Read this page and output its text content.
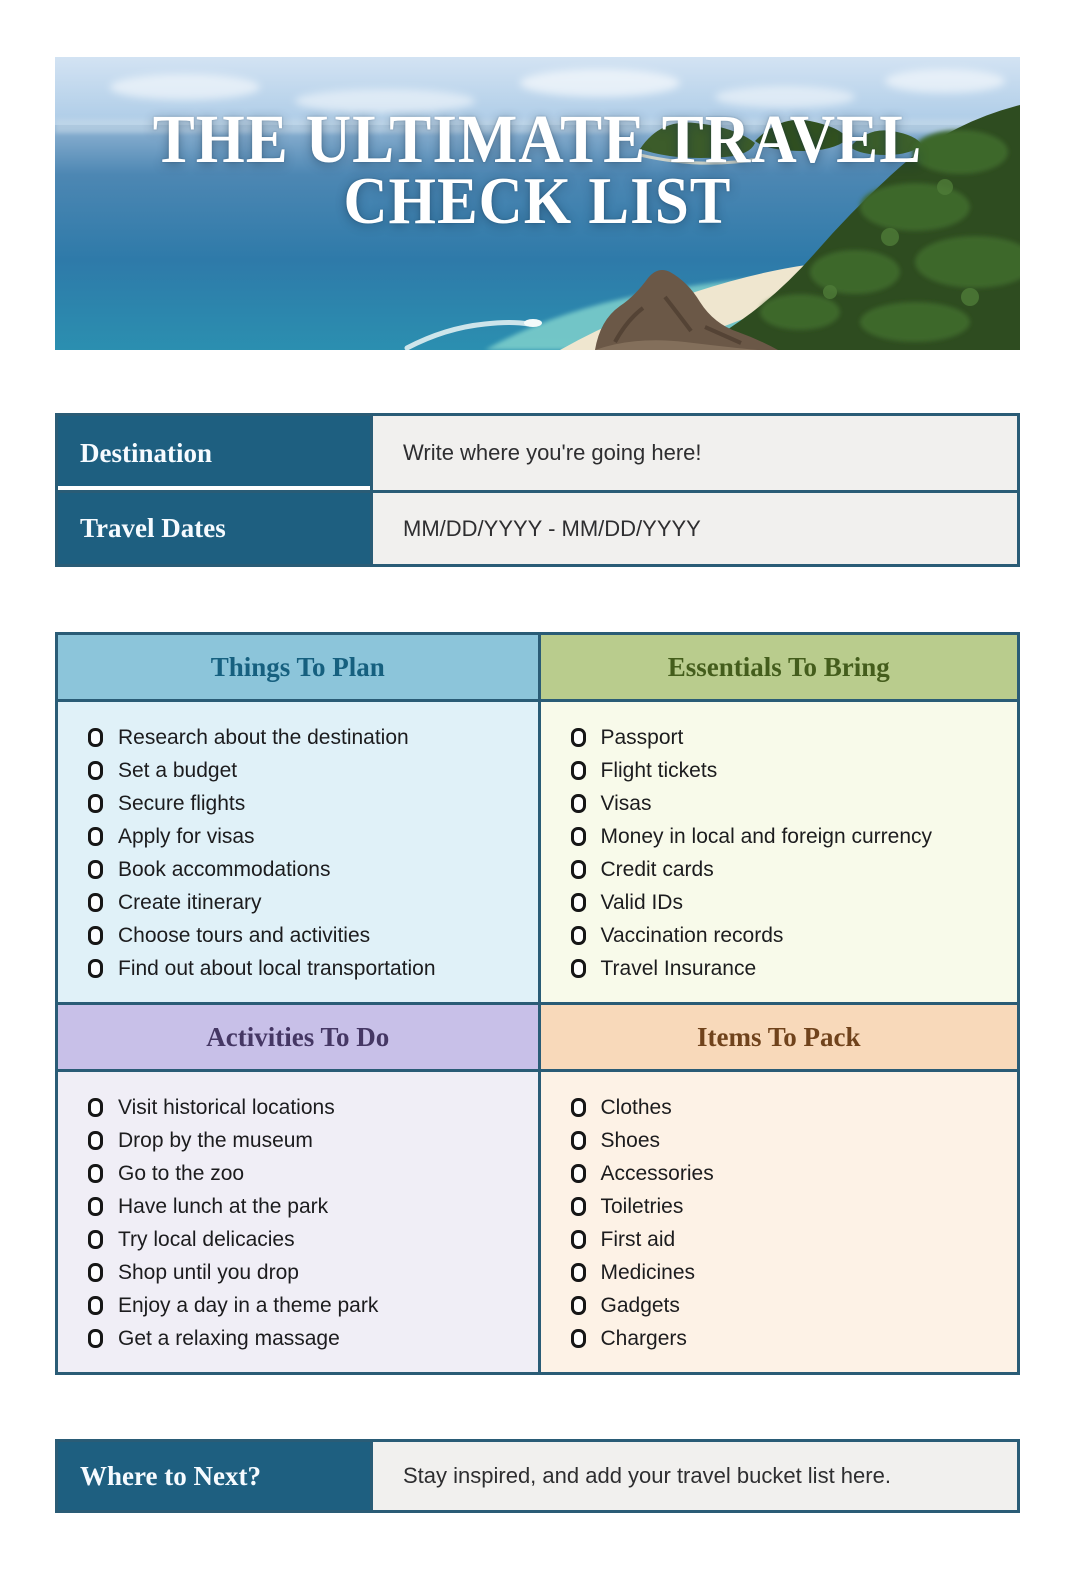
THE ULTIMATE TRAVEL
CHECK LIST
Destination	Write where you're going here!
Travel Dates	MM/DD/YYYY - MM/DD/YYYY
Things To Plan	Essentials To Bring
Research about the destination
Set a budget
Secure flights
Apply for visas
Book accommodations
Create itinerary
Choose tours and activities
Find out about local transportation
Passport
Flight tickets
Visas
Money in local and foreign currency
Credit cards
Valid IDs
Vaccination records
Travel Insurance
Activities To Do	Items To Pack
Visit historical locations
Drop by the museum
Go to the zoo
Have lunch at the park
Try local delicacies
Shop until you drop
Enjoy a day in a theme park
Get a relaxing massage
Clothes
Shoes
Accessories
Toiletries
First aid
Medicines
Gadgets
Chargers
Where to Next?	Stay inspired, and add your travel bucket list here.
